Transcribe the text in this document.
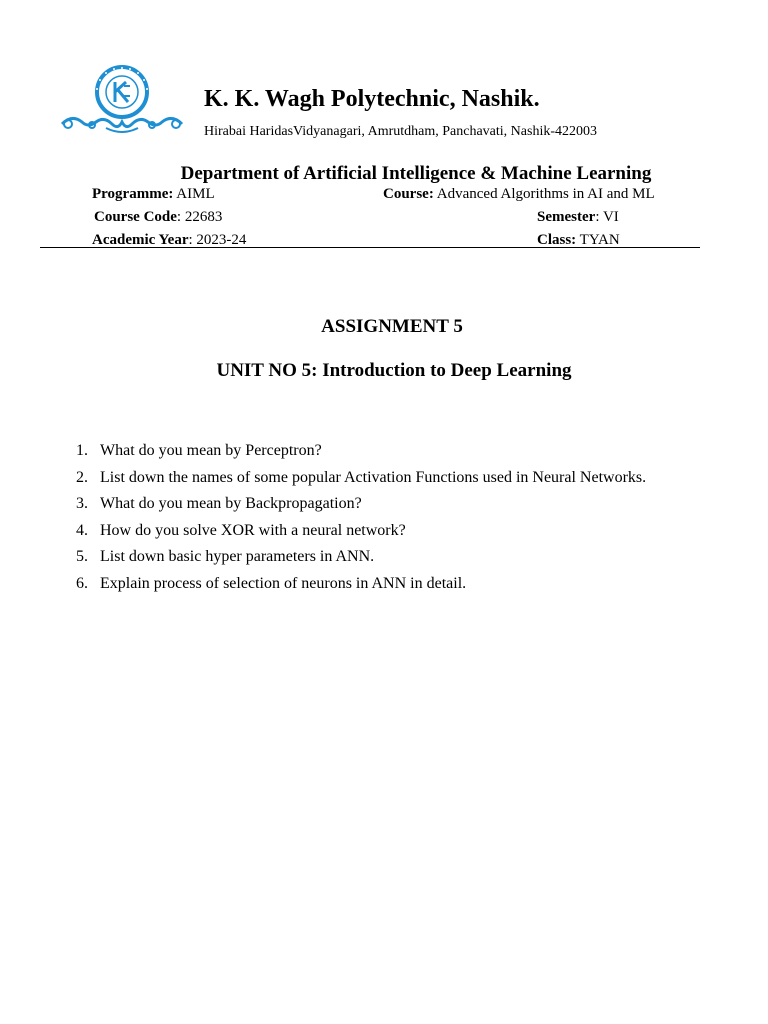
K. K. Wagh Polytechnic, Nashik.
Hirabai HaridasVidyanagari, Amrutdham, Panchavati, Nashik-422003
Department of Artificial Intelligence & Machine Learning
Programme: AIML	Course: Advanced Algorithms in AI and ML
Course Code: 22683	Semester: VI
Academic Year: 2023-24	Class: TYAN
ASSIGNMENT 5
UNIT NO 5: Introduction to Deep Learning
1. What do you mean by Perceptron?
2. List down the names of some popular Activation Functions used in Neural Networks.
3. What do you mean by Backpropagation?
4. How do you solve XOR with a neural network?
5. List down basic hyper parameters in ANN.
6. Explain process of selection of neurons in ANN in detail.
